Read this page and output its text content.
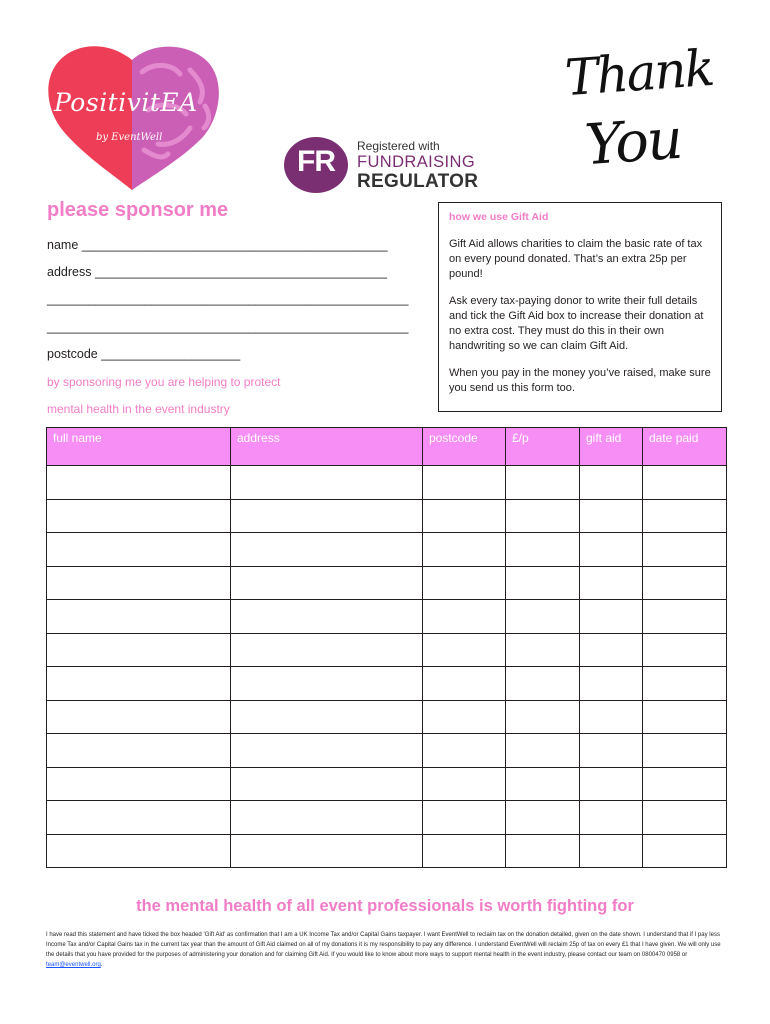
PositivitEA
by EventWell
FR	Registered with
FUNDRAISING
REGULATOR
Thank
You
please sponsor me
name ____________________________________________
address __________________________________________
____________________________________________________
____________________________________________________
postcode ____________________
by sponsoring me you are helping to protect
mental health in the event industry
how we use Gift Aid

Gift Aid allows charities to claim the basic rate of tax on every pound donated. That’s an extra 25p per pound!

Ask every tax-paying donor to write their full details and tick the Gift Aid box to increase their donation at no extra cost. They must do this in their own handwriting so we can claim Gift Aid.

When you pay in the money you’ve raised, make sure you send us this form too.

full name	address	postcode	£/p	gift aid	date paid

the mental health of all event professionals is worth fighting for
I have read this statement and have ticked the box headed ‘Gift Aid’ as confirmation that I am a UK Income Tax and/or Capital Gains taxpayer. I want EventWell to reclaim tax on the donation detailed, given on the date shown. I understand that if I pay less Income Tax and/or Capital Gains tax in the current tax year than the amount of Gift Aid claimed on all of my donations it is my responsibility to pay any difference. I understand EventWell will reclaim 25p of tax on every £1 that I have given. We will only use the details that you have provided for the purposes of administering your donation and for claiming Gift Aid. If you would like to know about more ways to support mental health in the event industry, please contact our team on 0800470 0958 or team@eventwell.org.
